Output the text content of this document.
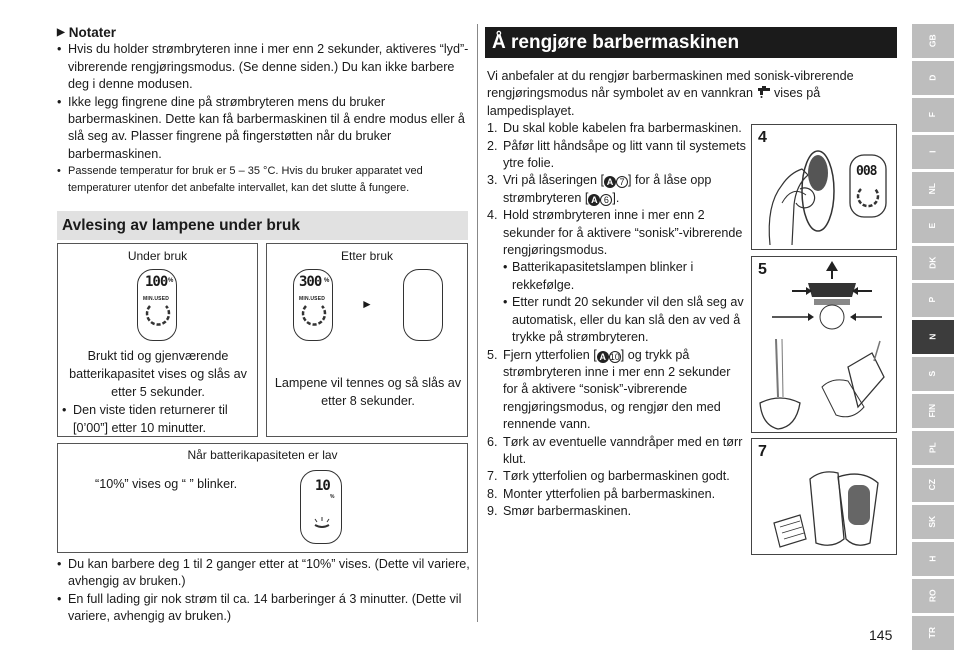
▶ Notater
• Hvis du holder strømbryteren inne i mer enn 2 sekunder, aktiveres “lyd”-vibrerende rengjøringsmodus. (Se denne siden.) Du kan ikke barbere deg i denne modusen.
• Ikke legg fingrene dine på strømbryteren mens du bruker barbermaskinen. Dette kan få barbermaskinen til å endre modus eller å slå seg av. Plasser fingrene på fingerstøtten når du bruker barbermaskinen.
• Passende temperatur for bruk er 5 – 35 °C. Hvis du bruker apparatet ved temperaturer utenfor det anbefalte intervallet, kan det slutte å fungere.
Avlesing av lampene under bruk
Under bruk
100 %
MIN.USED
Brukt tid og gjenværende batterikapasitet vises og slås av etter 5 sekunder.
• Den viste tiden returnerer til [0’00”] etter 10 minutter.
Etter bruk
300 %
MIN.USED	►
Lampene vil tennes og så slås av etter 8 sekunder.
Når batterikapasiteten er lav
“10%” vises og “ ” blinker.	10
%
• Du kan barbere deg 1 til 2 ganger etter at “10%” vises. (Dette vil variere, avhengig av bruken.)
• En full lading gir nok strøm til ca. 14 barberinger á 3 minutter. (Dette vil variere, avhengig av bruken.)
Å rengjøre barbermaskinen

Vi anbefaler at du rengjør barbermaskinen med sonisk-vibrerende rengjøringsmodus når symbolet av en vannkran vises på lampedisplayet.

1. Du skal koble kabelen fra barbermaskinen.
2. Påfør litt håndsåpe og litt vann til systemets ytre folie.
3. Vri på låseringen [ A 7 ] for å låse opp strømbryteren [ A 6 ].
4. Hold strømbryteren inne i mer enn 2 sekunder for å aktivere “sonisk”-vibrerende rengjøringsmodus.
• Batterikapasitetslampen blinker i rekkefølge.
• Etter rundt 20 sekunder vil den slå seg av automatisk, eller du kan slå den av ved å trykke på strømbryteren.
5. Fjern ytterfolien [ A 10] og trykk på strømbryteren inne i mer enn 2 sekunder for å aktivere “sonisk”-vibrerende rengjøringsmodus, og rengjør den med rennende vann.
6. Tørk av eventuelle vanndråper med en tørr klut.
7. Tørk ytterfolien og barbermaskinen godt.
8. Monter ytterfolien på barbermaskinen.
9. Smør barbermaskinen.
4
008
5
7
GB
D
F
I
NL
E
DK
P
N
S
FIN
PL
CZ
SK
H
RO
TR
145
